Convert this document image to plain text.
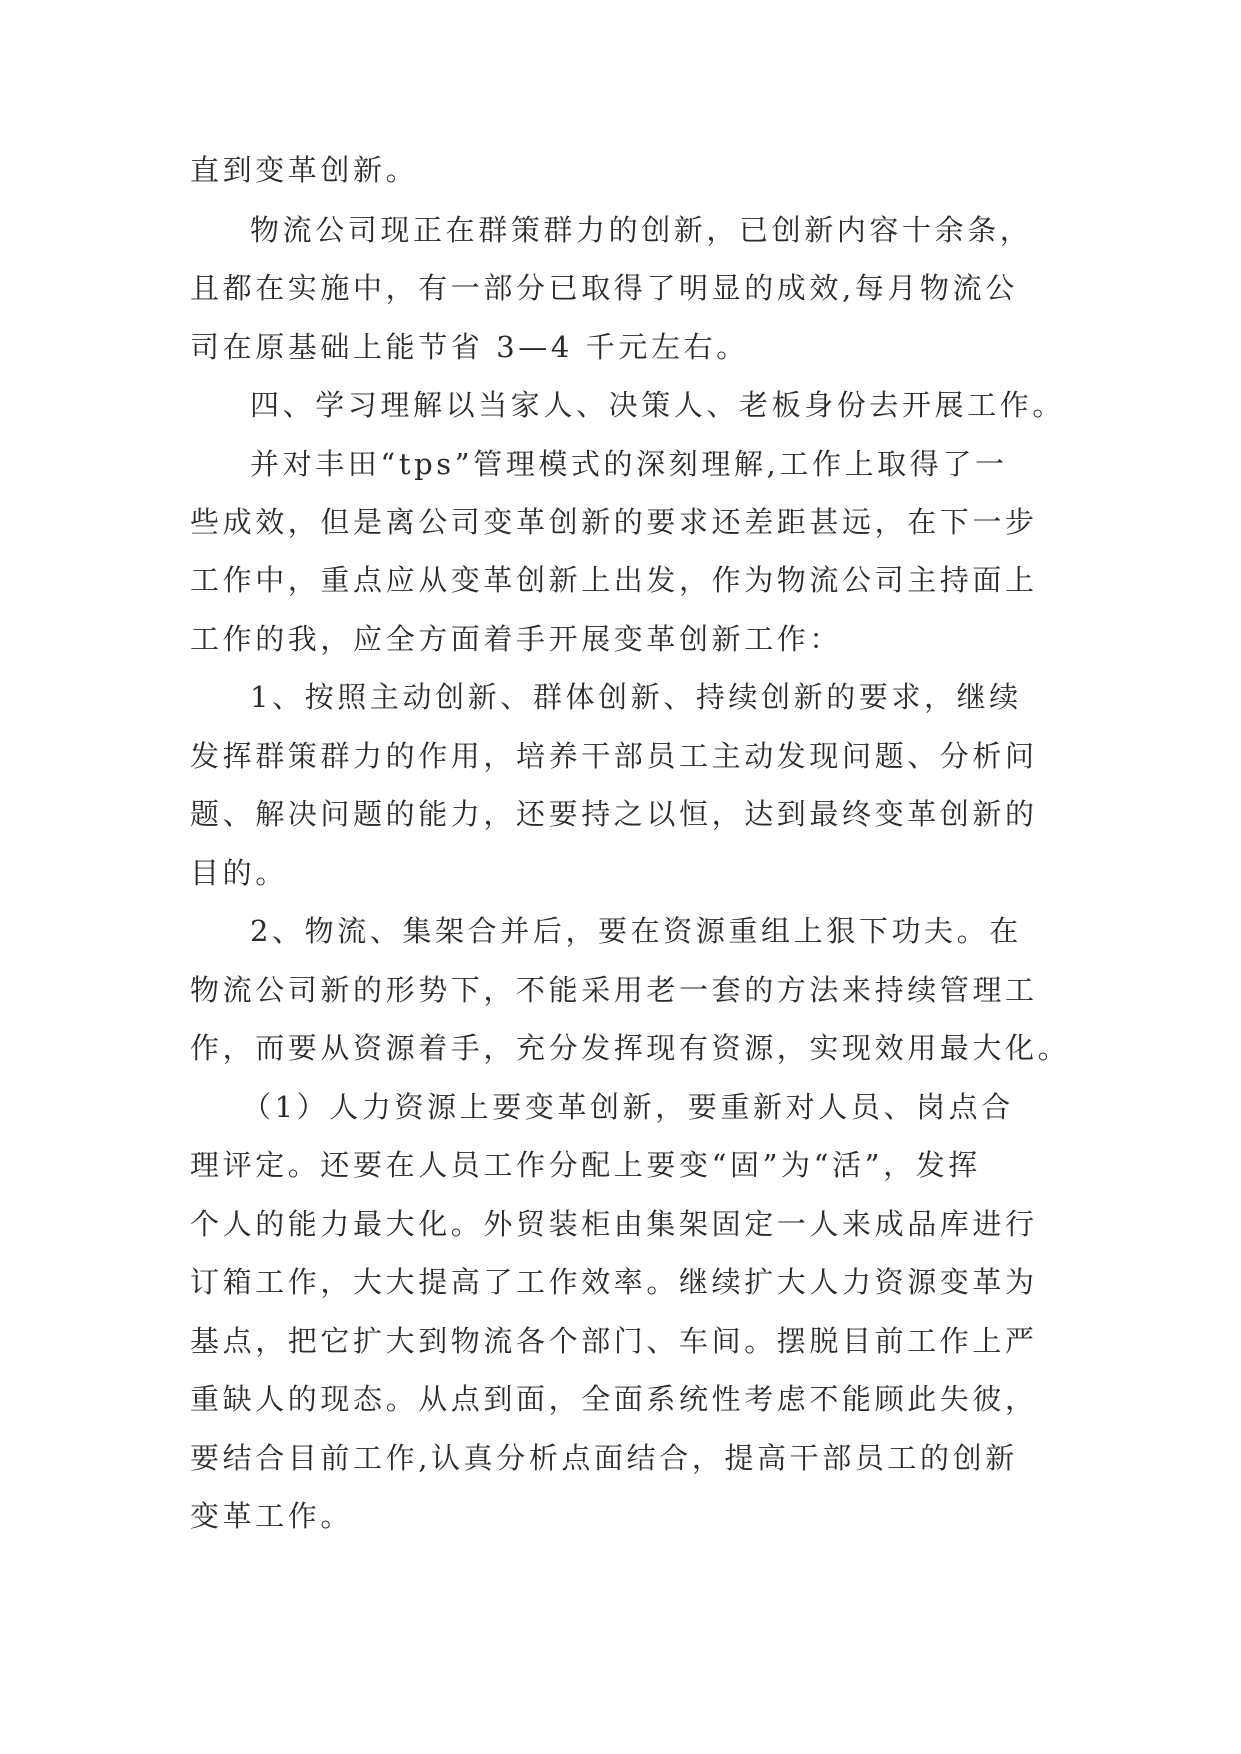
直到变革创新。
物流公司现正在群策群力的创新，已创新内容十余条，
且都在实施中，有一部分已取得了明显的成效,每月物流公
司在原基础上能节省 3—4 千元左右。
四、学习理解以当家人、决策人、老板身份去开展工作。
并对丰田“tps”管理模式的深刻理解,工作上取得了一
些成效，但是离公司变革创新的要求还差距甚远，在下一步
工作中，重点应从变革创新上出发，作为物流公司主持面上
工作的我，应全方面着手开展变革创新工作：
1、按照主动创新、群体创新、持续创新的要求，继续
发挥群策群力的作用，培养干部员工主动发现问题、分析问
题、解决问题的能力，还要持之以恒，达到最终变革创新的
目的。
2、物流、集架合并后，要在资源重组上狠下功夫。在
物流公司新的形势下，不能采用老一套的方法来持续管理工
作，而要从资源着手，充分发挥现有资源，实现效用最大化。
（1）人力资源上要变革创新，要重新对人员、岗点合
理评定。还要在人员工作分配上要变“固”为“活”，发挥
个人的能力最大化。外贸装柜由集架固定一人来成品库进行
订箱工作，大大提高了工作效率。继续扩大人力资源变革为
基点，把它扩大到物流各个部门、车间。摆脱目前工作上严
重缺人的现态。从点到面，全面系统性考虑不能顾此失彼，
要结合目前工作,认真分析点面结合，提高干部员工的创新
变革工作。
